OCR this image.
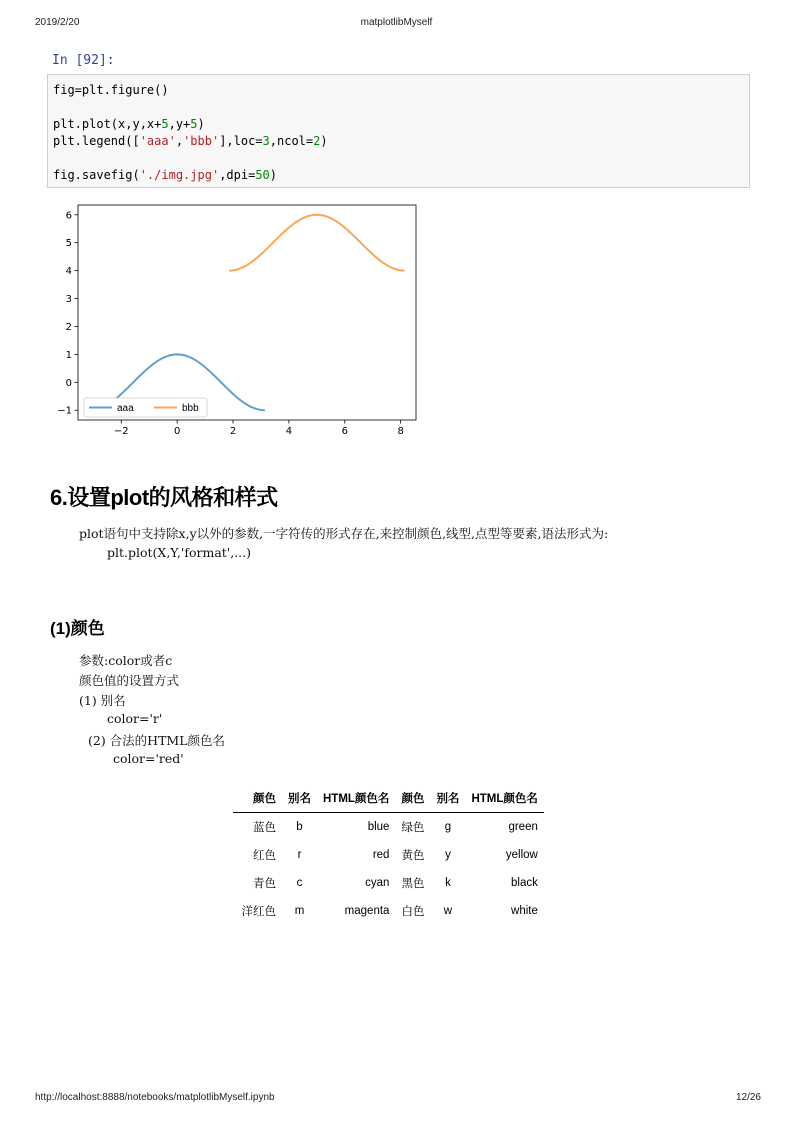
2019/2/20	matplotlibMyself
In [92]:
fig=plt.figure()
plt.plot(x,y,x+5,y+5)
plt.legend(['aaa','bbb'],loc=3,ncol=2)
fig.savefig('./img.jpg',dpi=50)
−2	0	2	4	6	8
−1
0
1
2
3
4
5
6
aaa	bbb
6.设置plot的风格和样式
plot语句中支持除x,y以外的参数,一字符传的形式存在,来控制颜色,线型,点型等要素,语法形式为:
plt.plot(X,Y,'format',...)
(1)颜色
参数:color或者c
颜色值的设置方式
(1) 别名
color='r'
(2) 合法的HTML颜色名
color='red'
颜色	别名	HTML颜色名	颜色	别名	HTML颜色名
蓝色	b	blue	绿色	g	green
红色	r	red	黄色	y	yellow
青色	c	cyan	黑色	k	black
洋红色	m	magenta	白色	w	white
http://localhost:8888/notebooks/matplotlibMyself.ipynb	12/26
